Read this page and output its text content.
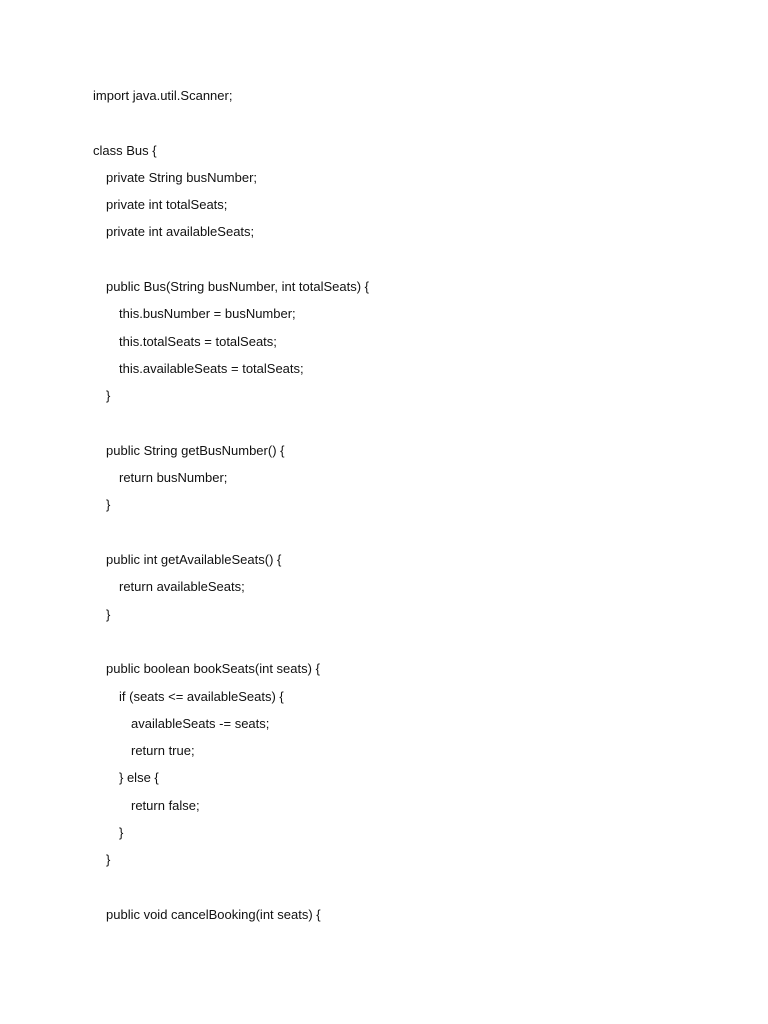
import java.util.Scanner;
class Bus {
private String busNumber;
private int totalSeats;
private int availableSeats;
public Bus(String busNumber, int totalSeats) {
this.busNumber = busNumber;
this.totalSeats = totalSeats;
this.availableSeats = totalSeats;
}
public String getBusNumber() {
return busNumber;
}
public int getAvailableSeats() {
return availableSeats;
}
public boolean bookSeats(int seats) {
if (seats <= availableSeats) {
availableSeats -= seats;
return true;
} else {
return false;
}
}
public void cancelBooking(int seats) {
